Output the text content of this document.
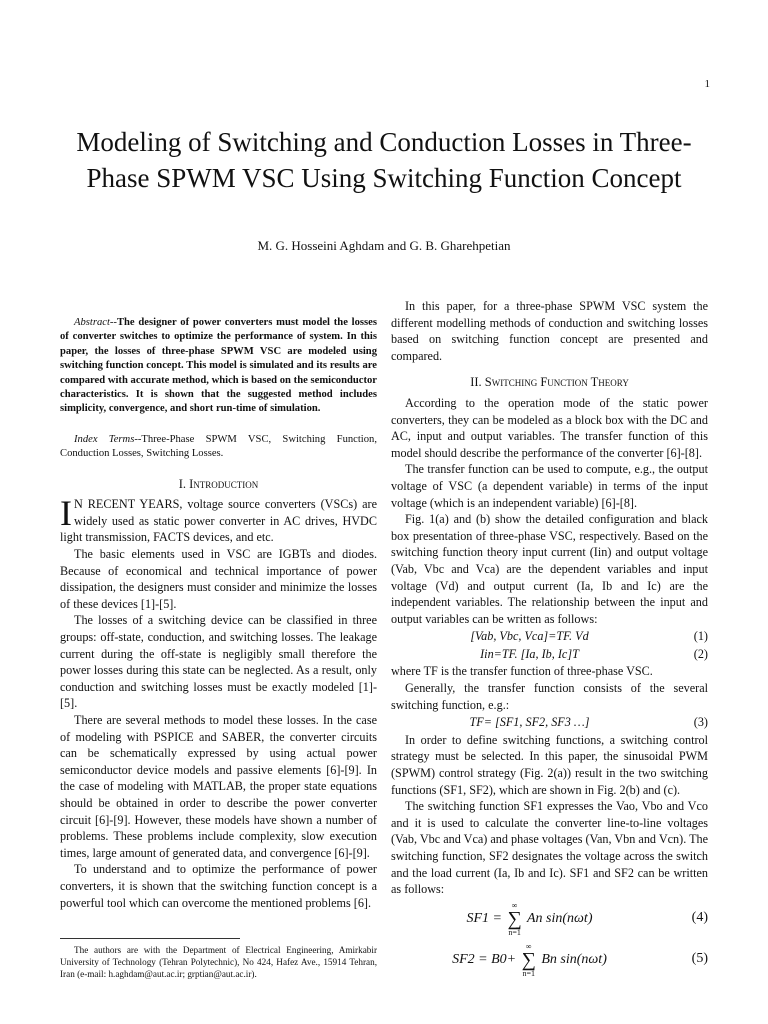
1
Modeling of Switching and Conduction Losses in Three-Phase SPWM VSC Using Switching Function Concept
M. G. Hosseini Aghdam and G. B. Gharehpetian

Abstract--The designer of power converters must model the losses of converter switches to optimize the performance of system. In this paper, the losses of three-phase SPWM VSC are modeled using switching function concept. This model is simulated and its results are compared with accurate method, which is based on the semiconductor characteristics. It is shown that the suggested method includes simplicity, convergence, and short run-time of simulation.

Index Terms--Three-Phase SPWM VSC, Switching Function, Conduction Losses, Switching Losses.

I. Introduction

I N RECENT YEARS, voltage source converters (VSCs) are widely used as static power converter in AC drives, HVDC light transmission, FACTS devices, and etc.

The basic elements used in VSC are IGBTs and diodes. Because of economical and technical importance of power dissipation, the designers must consider and minimize the losses of these devices [1]-[5].

The losses of a switching device can be classified in three groups: off-state, conduction, and switching losses. The leakage current during the off-state is negligibly small therefore the power losses during this state can be neglected. As a result, only conduction and switching losses must be exactly modeled [1]-[5].

There are several methods to model these losses. In the case of modeling with PSPICE and SABER, the converter circuits can be schematically expressed by using actual power semiconductor device models and passive elements [6]-[9]. In the case of modeling with MATLAB, the proper state equations should be obtained in order to describe the power converter circuit [6]-[9]. However, these models have shown a number of problems. These problems include complexity, slow execution times, large amount of generated data, and convergence [6]-[9].

To understand and to optimize the performance of power converters, it is shown that the switching function concept is a powerful tool which can overcome the mentioned problems [6].

In this paper, for a three-phase SPWM VSC system the different modelling methods of conduction and switching losses based on switching function concept are presented and compared.

II. Switching Function Theory

According to the operation mode of the static power converters, they can be modeled as a block box with the DC and AC, input and output variables. The transfer function of this model should describe the performance of the converter [6]-[8].

The transfer function can be used to compute, e.g., the output voltage of VSC (a dependent variable) in terms of the input voltage (which is an independent variable) [6]-[8].

Fig. 1(a) and (b) show the detailed configuration and black box presentation of three-phase VSC, respectively. Based on the switching function theory input current (Iin) and output voltage (Vab, Vbc and Vca) are the dependent variables and input voltage (Vd) and output current (Ia, Ib and Ic) are the independent variables. The relationship between the input and output variables can be written as follows:

[Vab, Vbc, Vca]=TF. Vd	(1)
Iin=TF. [Ia, Ib, Ic]T	(2)

where TF is the transfer function of three-phase VSC.

Generally, the transfer function consists of the several switching function, e.g.:

TF= [SF1, SF2, SF3 …]	(3)

In order to define switching functions, a switching control strategy must be selected. In this paper, the sinusoidal PWM (SPWM) control strategy (Fig. 2(a)) result in the two switching functions (SF1, SF2), which are shown in Fig. 2(b) and (c).

The switching function SF1 expresses the Vao, Vbo and Vco and it is used to calculate the converter line-to-line voltages (Vab, Vbc and Vca) and phase voltages (Van, Vbn and Vcn). The switching function, SF2 designates the voltage across the switch and the load current (Ia, Ib and Ic). SF1 and SF2 can be written as follows:

SF1 =
∞
∑
n=1
An sin(nωt)	(4)
SF2 = B0+
∞
∑
n=1
Bn sin(nωt)	(5)
The authors are with the Department of Electrical Engineering, Amirkabir University of Technology (Tehran Polytechnic), No 424, Hafez Ave., 15914 Tehran, Iran (e-mail: h.aghdam@aut.ac.ir; grptian@aut.ac.ir).
